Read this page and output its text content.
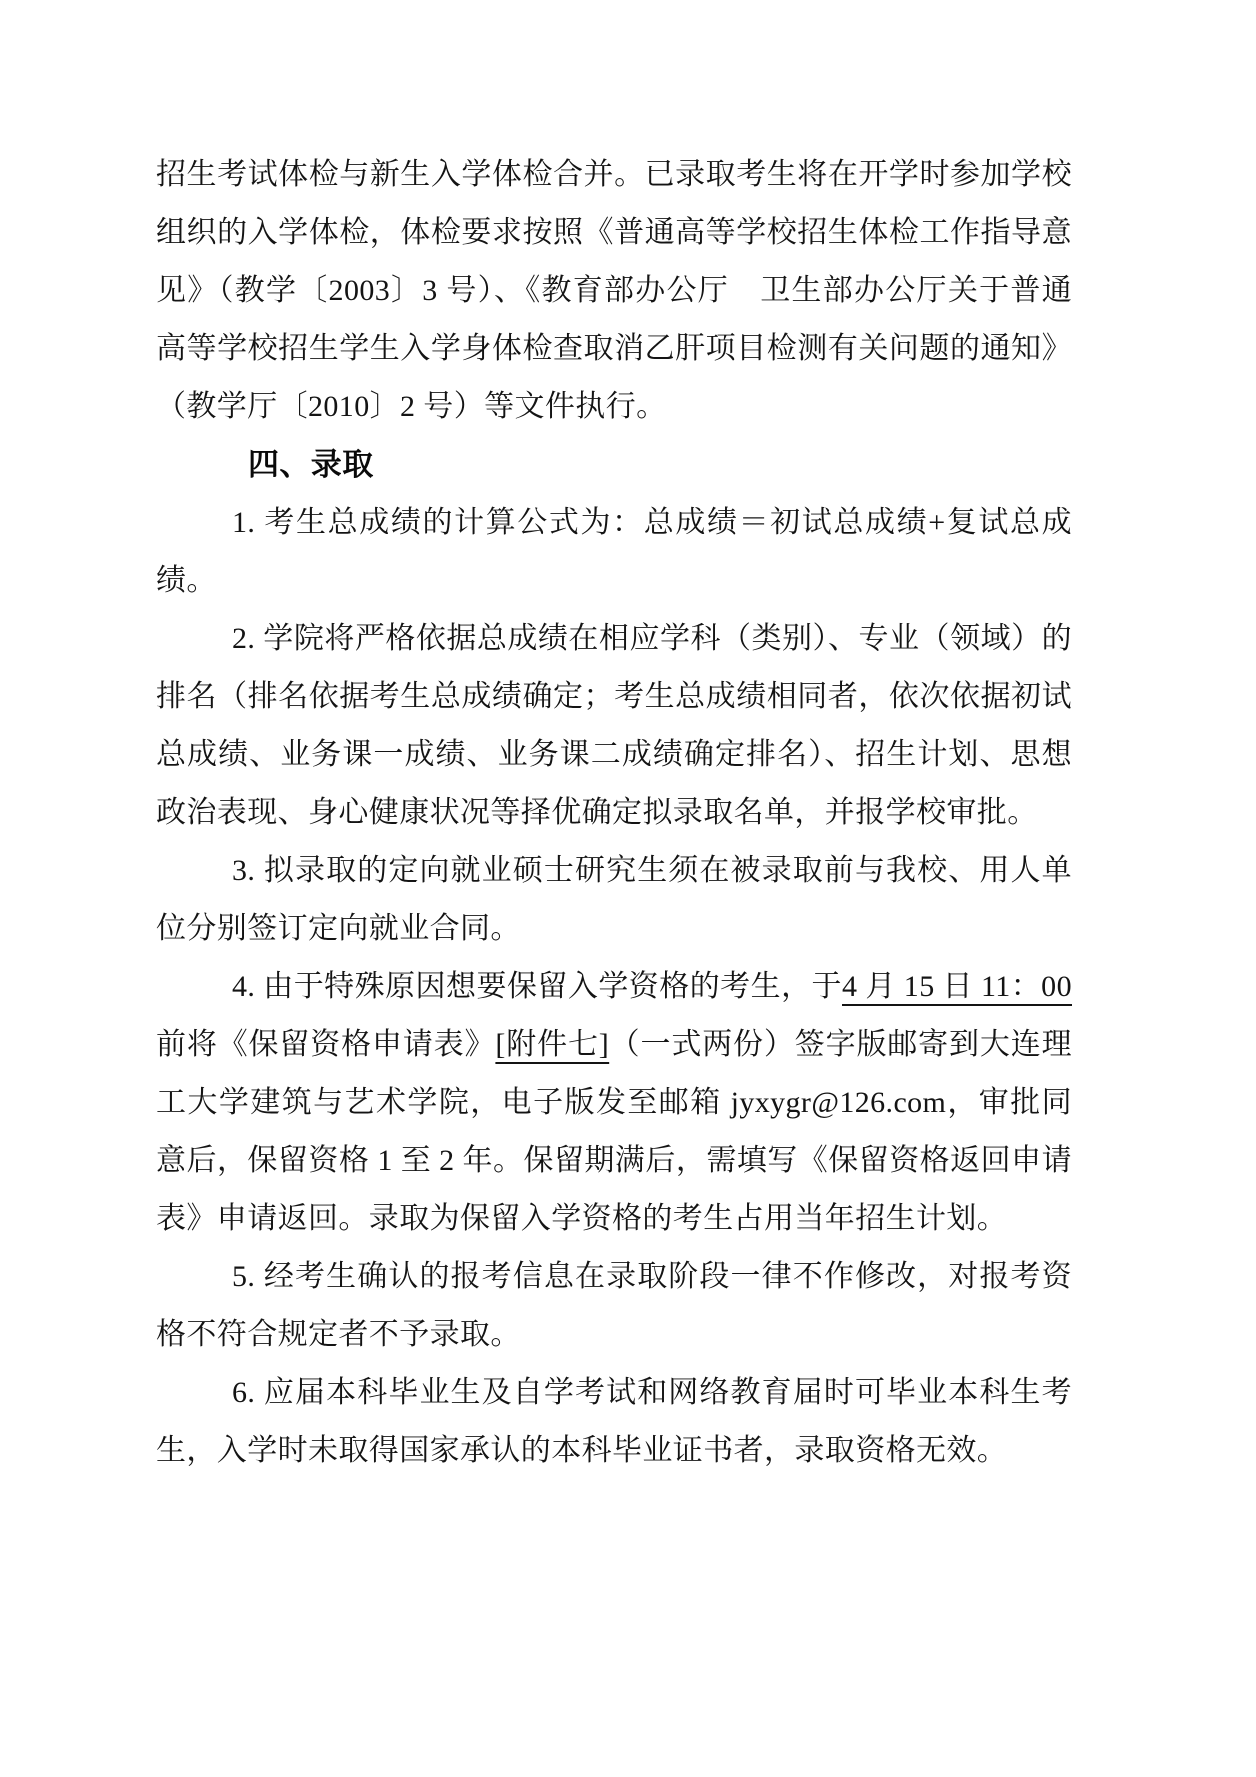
招生考试体检与新生入学体检合并。已录取考生将在开学时参加学校组织的入学体检，体检要求按照《普通高等学校招生体检工作指导意见》（教学〔2003〕3 号）、《教育部办公厅　卫生部办公厅关于普通高等学校招生学生入学身体检查取消乙肝项目检测有关问题的通知》（教学厅〔2010〕2 号）等文件执行。

四、录取

1. 考生总成绩的计算公式为：总成绩＝初试总成绩+复试总成绩。

2. 学院将严格依据总成绩在相应学科（类别）、专业（领域）的排名（排名依据考生总成绩确定；考生总成绩相同者，依次依据初试总成绩、业务课一成绩、业务课二成绩确定排名）、招生计划、思想政治表现、身心健康状况等择优确定拟录取名单，并报学校审批。

3. 拟录取的定向就业硕士研究生须在被录取前与我校、用人单位分别签订定向就业合同。

4. 由于特殊原因想要保留入学资格的考生，于4 月 15 日 11：00前将《保留资格申请表》[附件七]（一式两份）签字版邮寄到大连理工大学建筑与艺术学院，电子版发至邮箱 jyxygr@126.com，审批同意后，保留资格 1 至 2 年。保留期满后，需填写《保留资格返回申请表》申请返回。录取为保留入学资格的考生占用当年招生计划。

5. 经考生确认的报考信息在录取阶段一律不作修改，对报考资格不符合规定者不予录取。

6. 应届本科毕业生及自学考试和网络教育届时可毕业本科生考生，入学时未取得国家承认的本科毕业证书者，录取资格无效。
